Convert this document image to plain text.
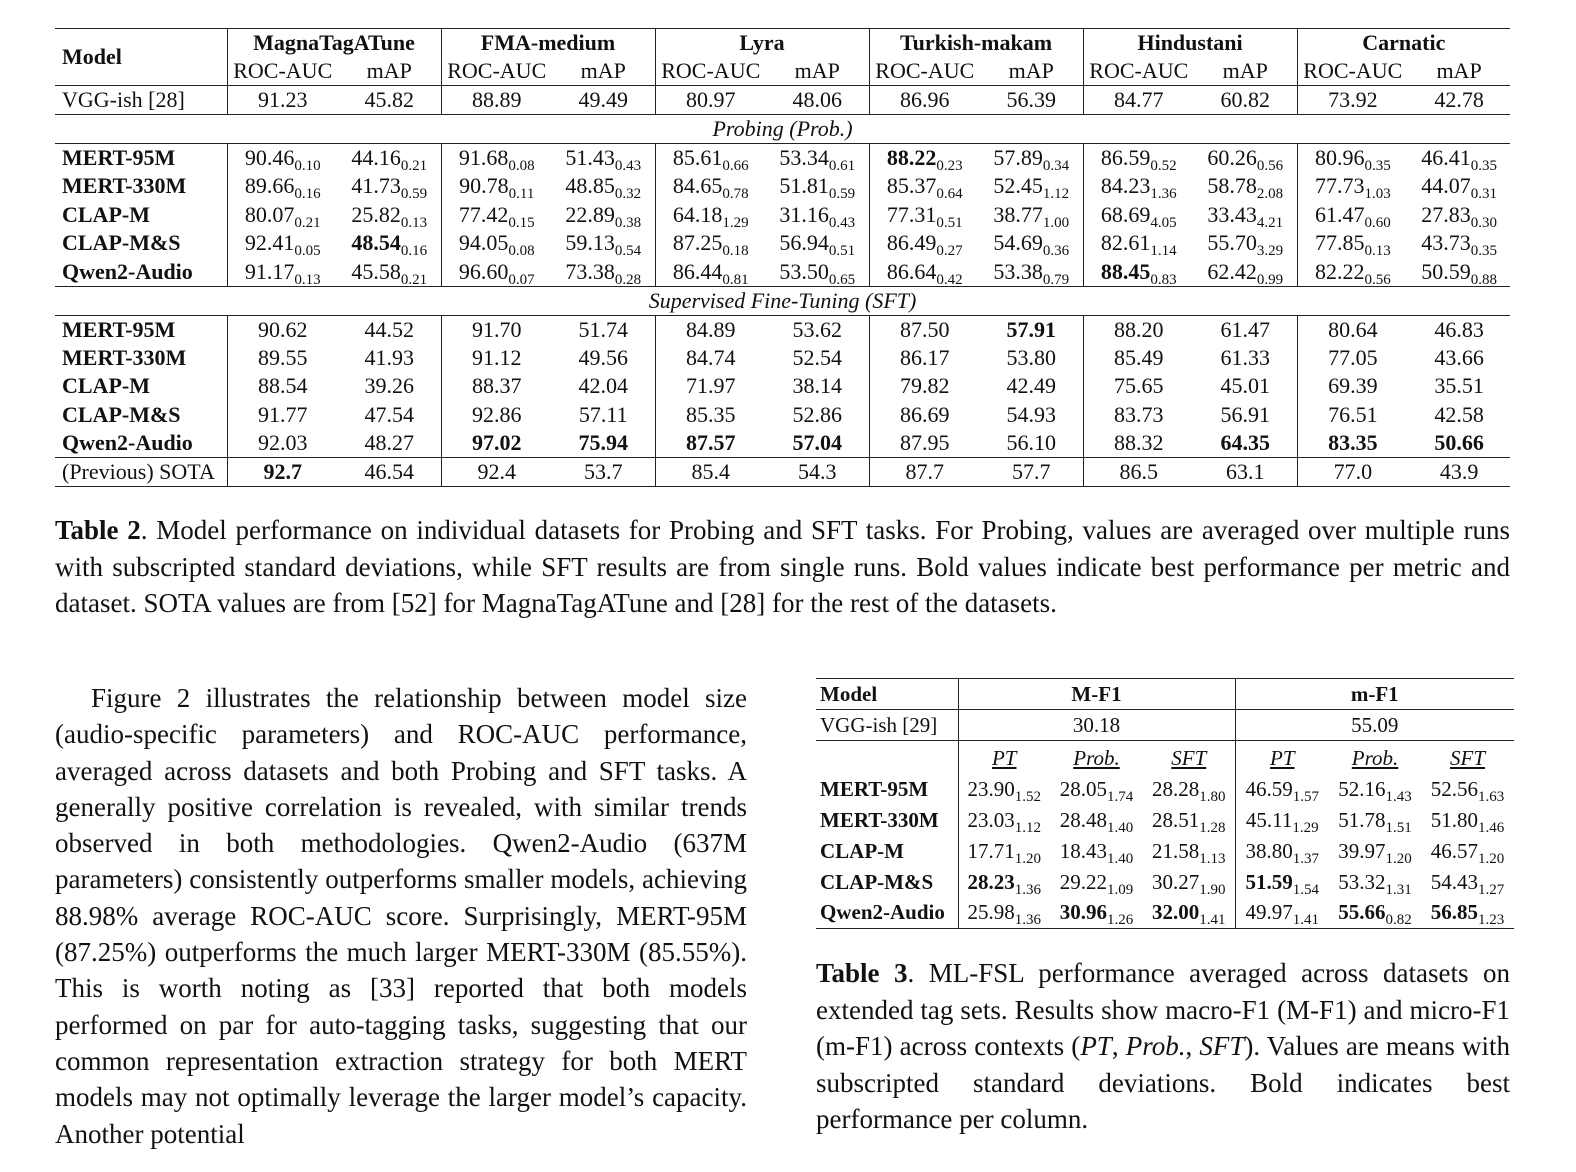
Model	MagnaTagATune		FMA-medium		Lyra		Turkish-makam		Hindustani		Carnatic	
	ROC-AUC	mAP	ROC-AUC	mAP	ROC-AUC	mAP	ROC-AUC	mAP	ROC-AUC	mAP	ROC-AUC	mAP
VGG-ish [28]	91.23	45.82	88.89	49.49	80.97	48.06	86.96	56.39	84.77	60.82	73.92	42.78
Probing (Prob.)												
MERT-95M	$90.46_{0.10}$	$44.16_{0.21}$	$91.68_{0.08}$	$51.43_{0.43}$	$85.61_{0.66}$	$53.34_{0.61}$	$88.22_{0.23}$	$57.89_{0.34}$	$86.59_{0.52}$	$60.26_{0.56}$	$80.96_{0.35}$	$46.41_{0.35}$
MERT-330M	$89.66_{0.16}$	$41.73_{0.59}$	$90.78_{0.11}$	$48.85_{0.32}$	$84.65_{0.78}$	$51.81_{0.59}$	$85.37_{0.64}$	$52.45_{1.12}$	$84.23_{1.36}$	$58.78_{2.08}$	$77.73_{1.03}$	$44.07_{0.31}$
CLAP-M	$80.07_{0.21}$	$25.82_{0.13}$	$77.42_{0.15}$	$22.89_{0.38}$	$64.18_{1.29}$	$31.16_{0.43}$	$77.31_{0.51}$	$38.77_{1.00}$	$68.69_{4.05}$	$33.43_{4.21}$	$61.47_{0.60}$	$27.83_{0.30}$
CLAP-M&S	$92.41_{0.05}$	$48.54_{0.16}$	$94.05_{0.08}$	$59.13_{0.54}$	$87.25_{0.18}$	$56.94_{0.51}$	$86.49_{0.27}$	$54.69_{0.36}$	$82.61_{1.14}$	$55.70_{3.29}$	$77.85_{0.13}$	$43.73_{0.35}$
Qwen2-Audio	$91.17_{0.13}$	$45.58_{0.21}$	$96.60_{0.07}$	$73.38_{0.28}$	$86.44_{0.81}$	$53.50_{0.65}$	$86.64_{0.42}$	$53.38_{0.79}$	$88.45_{0.83}$	$62.42_{0.99}$	$82.22_{0.56}$	$50.59_{0.88}$
Supervised Fine-Tuning (SFT)												
MERT-95M	90.62	44.52	91.70	51.74	84.89	53.62	87.50	57.91	88.20	61.47	80.64	46.83
MERT-330M	89.55	41.93	91.12	49.56	84.74	52.54	86.17	53.80	85.49	61.33	77.05	43.66
CLAP-M	88.54	39.26	88.37	42.04	71.97	38.14	79.82	42.49	75.65	45.01	69.39	35.51
CLAP-M&S	91.77	47.54	92.86	57.11	85.35	52.86	86.69	54.93	83.73	56.91	76.51	42.58
Qwen2-Audio	92.03	48.27	97.02	75.94	87.57	57.04	87.95	56.10	88.32	64.35	83.35	50.66
(Previous) SOTA	92.7	46.54	92.4	53.7	85.4	54.3	87.7	57.7	86.5	63.1	77.0	43.9
Table 2. Model performance on individual datasets for Probing and SFT tasks. For Probing, values are averaged over multiple runs with subscripted standard deviations, while SFT results are from single runs. Bold values indicate best performance per metric and dataset. SOTA values are from [52] for MagnaTagATune and [28] for the rest of the datasets.

Figure 2 illustrates the relationship between model size (audio-specific parameters) and ROC-AUC performance, averaged across datasets and both Probing and SFT tasks. A generally positive correlation is revealed, with similar trends observed in both methodologies. Qwen2-Audio (637M parameters) consistently outperforms smaller models, achieving 88.98% average ROC-AUC score. Surprisingly, MERT-95M (87.25%) outperforms the much larger MERT-330M (85.55%). This is worth noting as [33] reported that both models performed on par for auto-tagging tasks, suggesting that our common representation extraction strategy for both MERT models may not optimally leverage the larger model’s capacity. Another potential

Model	M-F1			m-F1		
VGG-ish [29]	30.18			55.09		
	PT	Prob.	SFT	PT	Prob.	SFT
MERT-95M	$23.90_{1.52}$	$28.05_{1.74}$	$28.28_{1.80}$	$46.59_{1.57}$	$52.16_{1.43}$	$52.56_{1.63}$
MERT-330M	$23.03_{1.12}$	$28.48_{1.40}$	$28.51_{1.28}$	$45.11_{1.29}$	$51.78_{1.51}$	$51.80_{1.46}$
CLAP-M	$17.71_{1.20}$	$18.43_{1.40}$	$21.58_{1.13}$	$38.80_{1.37}$	$39.97_{1.20}$	$46.57_{1.20}$
CLAP-M&S	$28.23_{1.36}$	$29.22_{1.09}$	$30.27_{1.90}$	$51.59_{1.54}$	$53.32_{1.31}$	$54.43_{1.27}$
Qwen2-Audio	$25.98_{1.36}$	$30.96_{1.26}$	$32.00_{1.41}$	$49.97_{1.41}$	$55.66_{0.82}$	$56.85_{1.23}$
Table 3. ML-FSL performance averaged across datasets on extended tag sets. Results show macro-F1 (M-F1) and micro-F1 (m-F1) across contexts (PT, Prob., SFT). Values are means with subscripted standard deviations. Bold indicates best performance per column.
